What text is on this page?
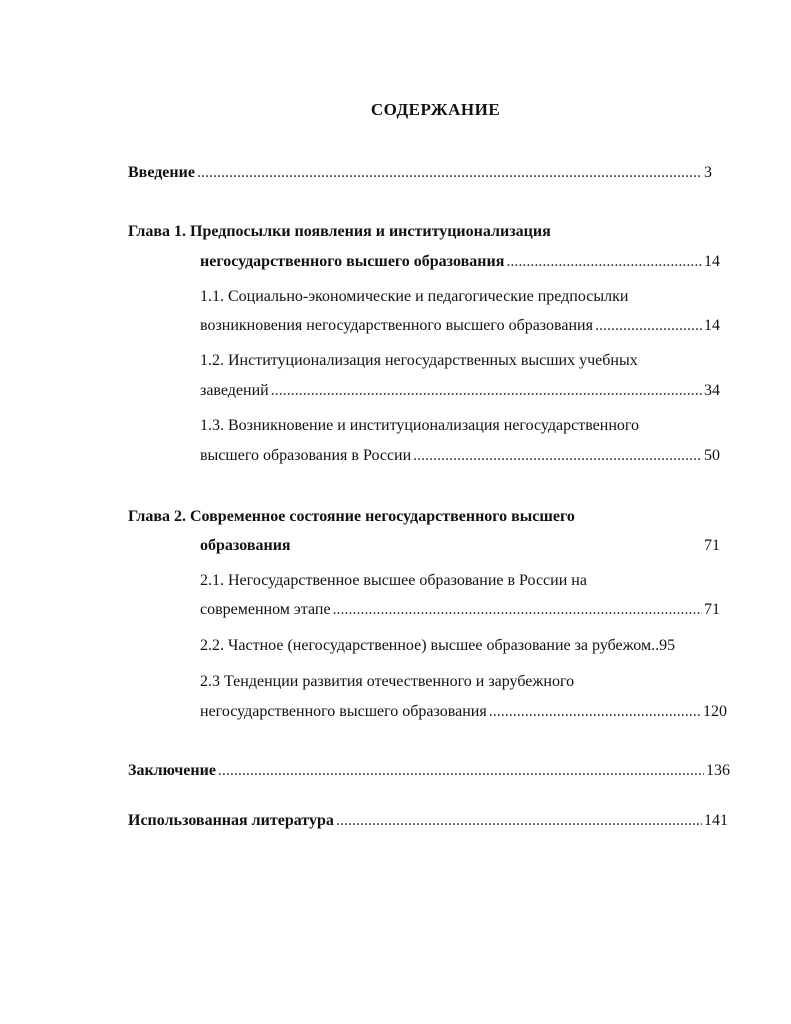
СОДЕРЖАНИЕ
Введение .....	3
Глава 1. Предпосылки появления и институционализация
негосударственного высшего образования .....	14
1.1. Социально-экономические и педагогические предпосылки
возникновения негосударственного высшего образования .....	14
1.2. Институционализация негосударственных высших учебных
заведений .....	34
1.3. Возникновение и институционализация негосударственного
высшего образования в России .....	50
Глава 2. Современное состояние негосударственного высшего
образования	71
2.1. Негосударственное высшее образование в России на
современном этапе .....	71
2.2. Частное (негосударственное) высшее образование за рубежом..95
2.3 Тенденции развития отечественного и зарубежного
негосударственного высшего образования .....	120
Заключение .....	136
Использованная литература .....	141
